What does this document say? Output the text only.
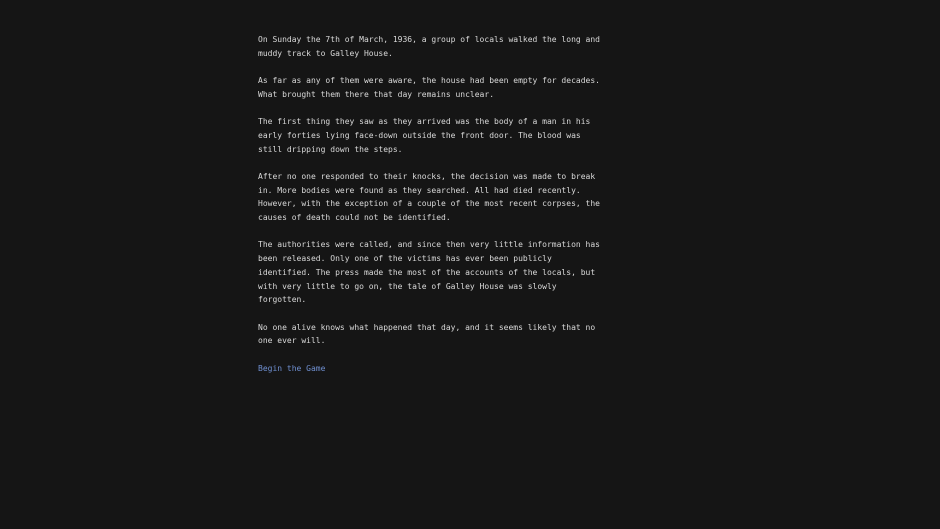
On Sunday the 7th of March, 1936, a group of locals walked the long and muddy track to Galley House.

As far as any of them were aware, the house had been empty for decades. What brought them there that day remains unclear.

The first thing they saw as they arrived was the body of a man in his early forties lying face-down outside the front door. The blood was still dripping down the steps.

After no one responded to their knocks, the decision was made to break in. More bodies were found as they searched. All had died recently. However, with the exception of a couple of the most recent corpses, the causes of death could not be identified.

The authorities were called, and since then very little information has been released. Only one of the victims has ever been publicly identified. The press made the most of the accounts of the locals, but with very little to go on, the tale of Galley House was slowly forgotten.

No one alive knows what happened that day, and it seems likely that no one ever will.

Begin the Game
